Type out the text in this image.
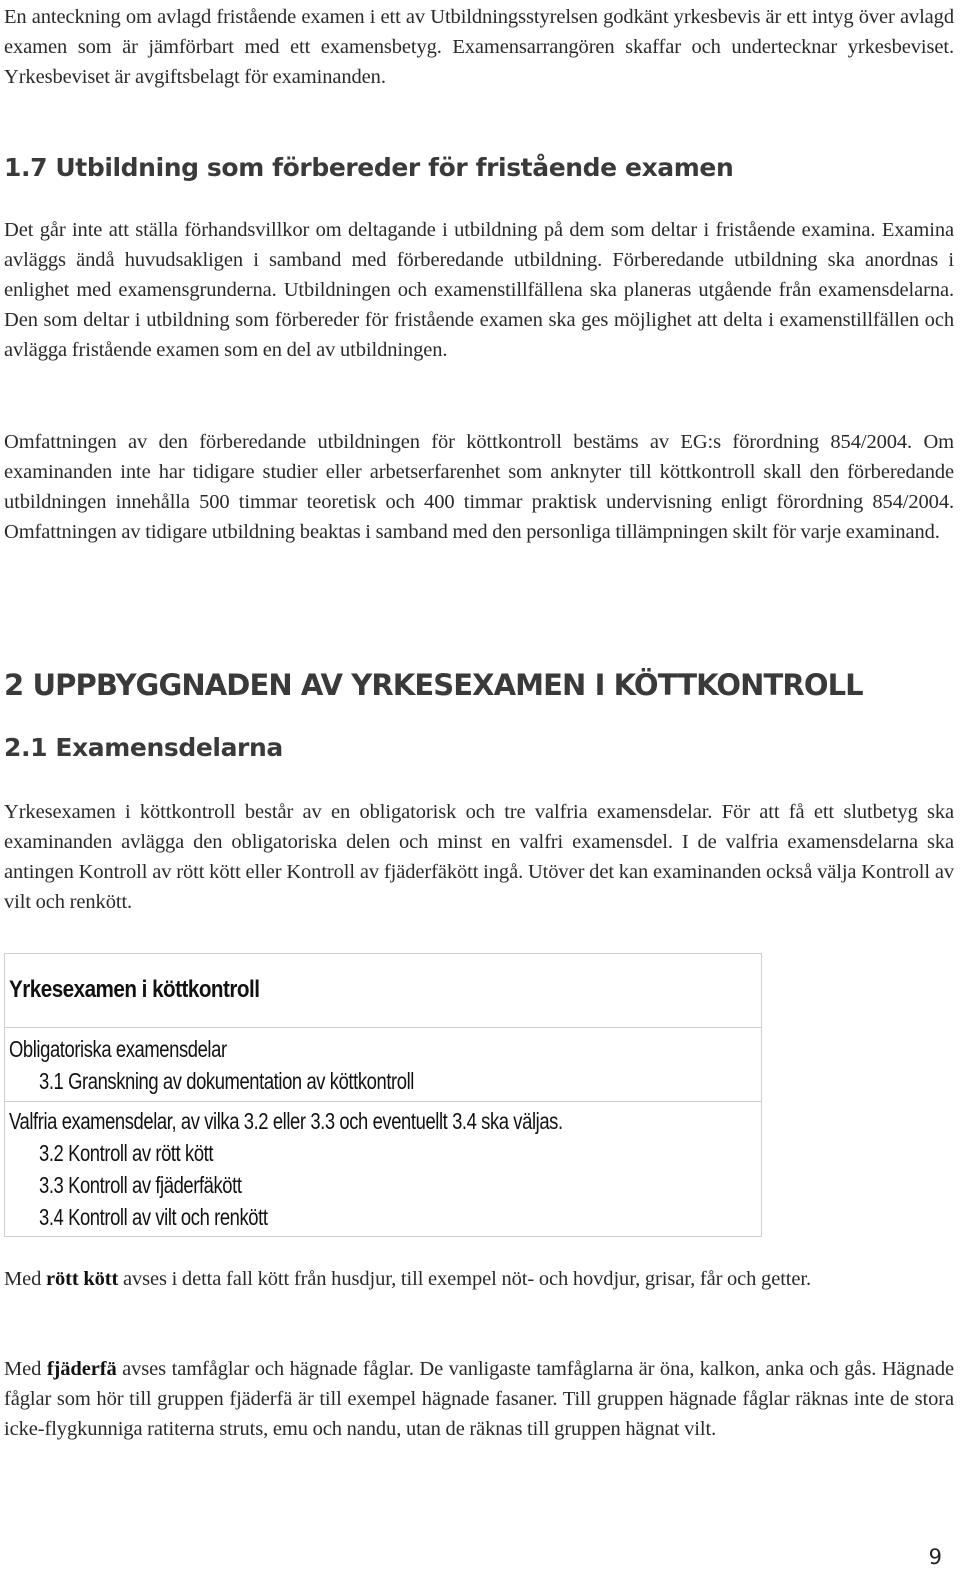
En anteckning om avlagd fristående examen i ett av Utbildningsstyrelsen godkänt yrkesbevis är ett intyg över avlagd examen som är jämförbart med ett examensbetyg. Examensarrangören skaffar och undertecknar yrkesbeviset. Yrkesbeviset är avgiftsbelagt för examinanden.

1.7 Utbildning som förbereder för fristående examen

Det går inte att ställa förhandsvillkor om deltagande i utbildning på dem som deltar i fristående examina. Examina avläggs ändå huvudsakligen i samband med förberedande utbildning. Förberedande utbildning ska anordnas i enlighet med examensgrunderna. Utbildningen och examenstillfällena ska planeras utgående från examensdelarna. Den som deltar i utbildning som förbereder för fristående examen ska ges möjlighet att delta i examenstillfällen och avlägga fristående examen som en del av utbildningen.

Omfattningen av den förberedande utbildningen för köttkontroll bestäms av EG:s förordning 854/2004. Om examinanden inte har tidigare studier eller arbetserfarenhet som anknyter till köttkontroll skall den förberedande utbildningen innehålla 500 timmar teoretisk och 400 timmar praktisk undervisning enligt förordning 854/2004. Omfattningen av tidigare utbildning beaktas i samband med den personliga tillämpningen skilt för varje examinand.

2 UPPBYGGNADEN AV YRKESEXAMEN I KÖTTKONTROLL
2.1 Examensdelarna

Yrkesexamen i köttkontroll består av en obligatorisk och tre valfria examensdelar. För att få ett slutbetyg ska examinanden avlägga den obligatoriska delen och minst en valfri examensdel. I de valfria examensdelarna ska antingen Kontroll av rött kött eller Kontroll av fjäderfäkött ingå. Utöver det kan examinanden också välja Kontroll av vilt och renkött.

Yrkesexamen i köttkontroll
Obligatoriska examensdelar
3.1 Granskning av dokumentation av köttkontroll
Valfria examensdelar, av vilka 3.2 eller 3.3 och eventuellt 3.4 ska väljas.
3.2 Kontroll av rött kött
3.3 Kontroll av fjäderfäkött
3.4 Kontroll av vilt och renkött

Med rött kött avses i detta fall kött från husdjur, till exempel nöt- och hovdjur, grisar, får och getter.

Med fjäderfä avses tamfåglar och hägnade fåglar. De vanligaste tamfåglarna är öna, kalkon, anka och gås. Hägnade fåglar som hör till gruppen fjäderfä är till exempel hägnade fasaner. Till gruppen hägnade fåglar räknas inte de stora icke-flygkunniga ratiterna struts, emu och nandu, utan de räknas till gruppen hägnat vilt.

9
